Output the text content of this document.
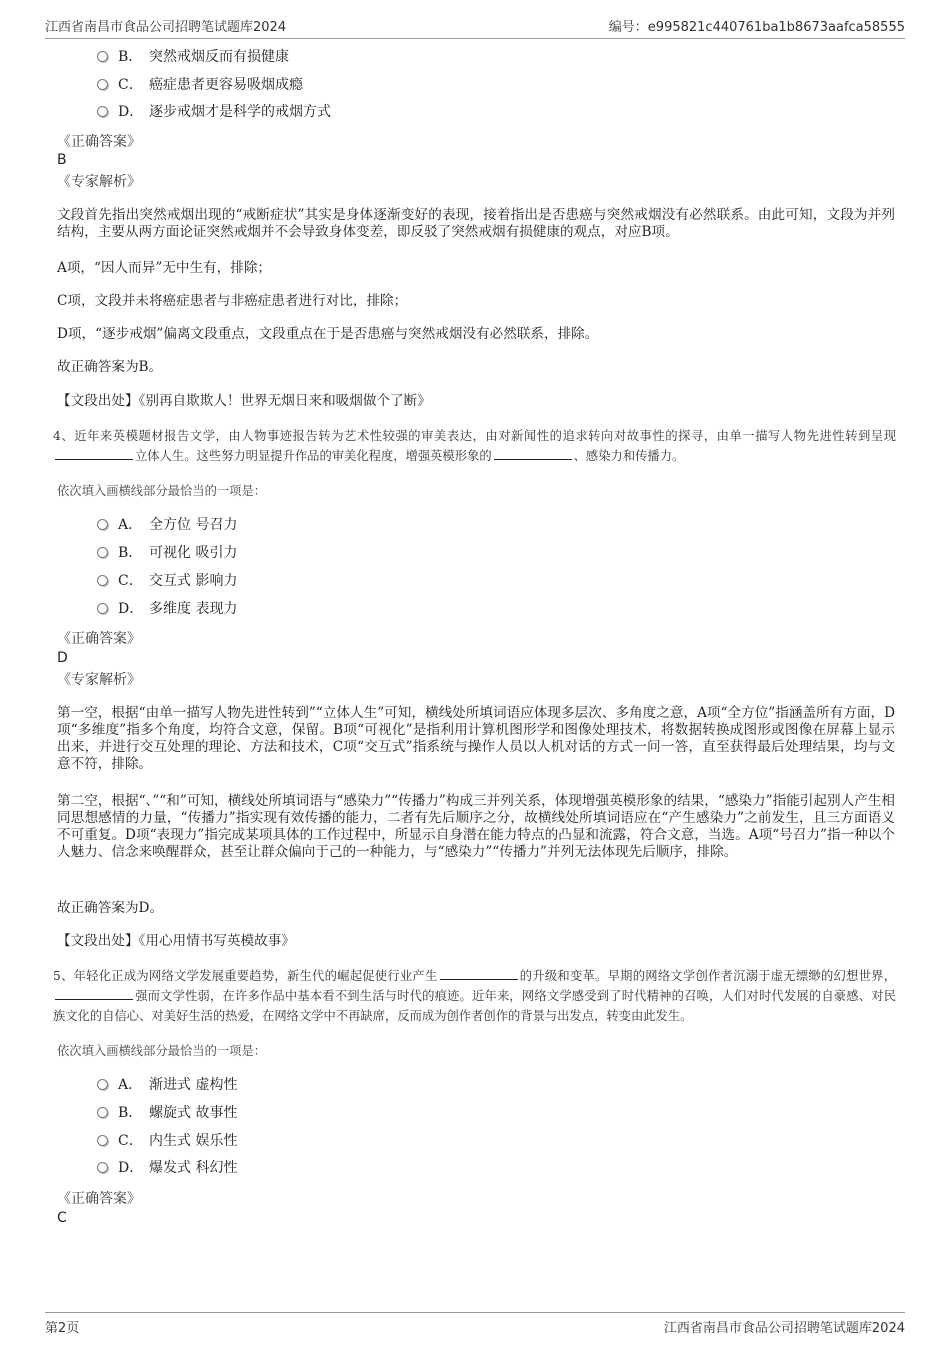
江西省南昌市食品公司招聘笔试题库2024	编号：e995821c440761ba1b8673aafca58555
B． 突然戒烟反而有损健康
C． 癌症患者更容易吸烟成瘾
D． 逐步戒烟才是科学的戒烟方式
《正确答案》
B
《专家解析》

文段首先指出突然戒烟出现的“戒断症状”其实是身体逐渐变好的表现，接着指出是否患癌与突然戒烟没有必然联系。由此可知，文段为并列结构，主要从两方面论证突然戒烟并不会导致身体变差，即反驳了突然戒烟有损健康的观点，对应B项。

A项，“因人而异”无中生有，排除；

C项，文段并未将癌症患者与非癌症患者进行对比，排除；

D项，“逐步戒烟”偏离文段重点，文段重点在于是否患癌与突然戒烟没有必然联系，排除。

故正确答案为B。

【文段出处】《别再自欺欺人！世界无烟日来和吸烟做个了断》

4、近年来英模题材报告文学，由人物事迹报告转为艺术性较强的审美表达，由对新闻性的追求转向对故事性的探寻，由单一描写人物先进性转到呈现立体人生。这些努力明显提升作品的审美化程度，增强英模形象的	、感染力和传播力。
依次填入画横线部分最恰当的一项是：
A． 全方位 号召力
B． 可视化 吸引力
C． 交互式 影响力
D． 多维度 表现力
《正确答案》
D
《专家解析》

第一空，根据“由单一描写人物先进性转到”“立体人生”可知，横线处所填词语应体现多层次、多角度之意，A项“全方位”指涵盖所有方面，D项“多维度”指多个角度，均符合文意，保留。B项“可视化”是指利用计算机图形学和图像处理技术，将数据转换成图形或图像在屏幕上显示出来，并进行交互处理的理论、方法和技术，C项“交互式”指系统与操作人员以人机对话的方式一问一答，直至获得最后处理结果，均与文意不符，排除。

第二空，根据“、”“和”可知，横线处所填词语与“感染力”“传播力”构成三并列关系，体现增强英模形象的结果，“感染力”指能引起别人产生相同思想感情的力量，“传播力”指实现有效传播的能力，二者有先后顺序之分，故横线处所填词语应在“产生感染力”之前发生，且三方面语义不可重复。D项“表现力”指完成某项具体的工作过程中，所显示自身潜在能力特点的凸显和流露，符合文意，当选。A项“号召力”指一种以个人魅力、信念来唤醒群众，甚至让群众偏向于己的一种能力，与“感染力”“传播力”并列无法体现先后顺序，排除。

故正确答案为D。

【文段出处】《用心用情书写英模故事》

5、年轻化正成为网络文学发展重要趋势，新生代的崛起促使行业产生	的升级和变革。早期的网络文学创作者沉溺于虚无缥缈的幻想世界，强而文学性弱，在许多作品中基本看不到生活与时代的痕迹。近年来，网络文学感受到了时代精神的召唤，人们对时代发展的自豪感、对民族文化的自信心、对美好生活的热爱，在网络文学中不再缺席，反而成为创作者创作的背景与出发点，转变由此发生。
依次填入画横线部分最恰当的一项是：
A． 渐进式 虚构性
B． 螺旋式 故事性
C． 内生式 娱乐性
D． 爆发式 科幻性
《正确答案》
C
第2页	江西省南昌市食品公司招聘笔试题库2024
